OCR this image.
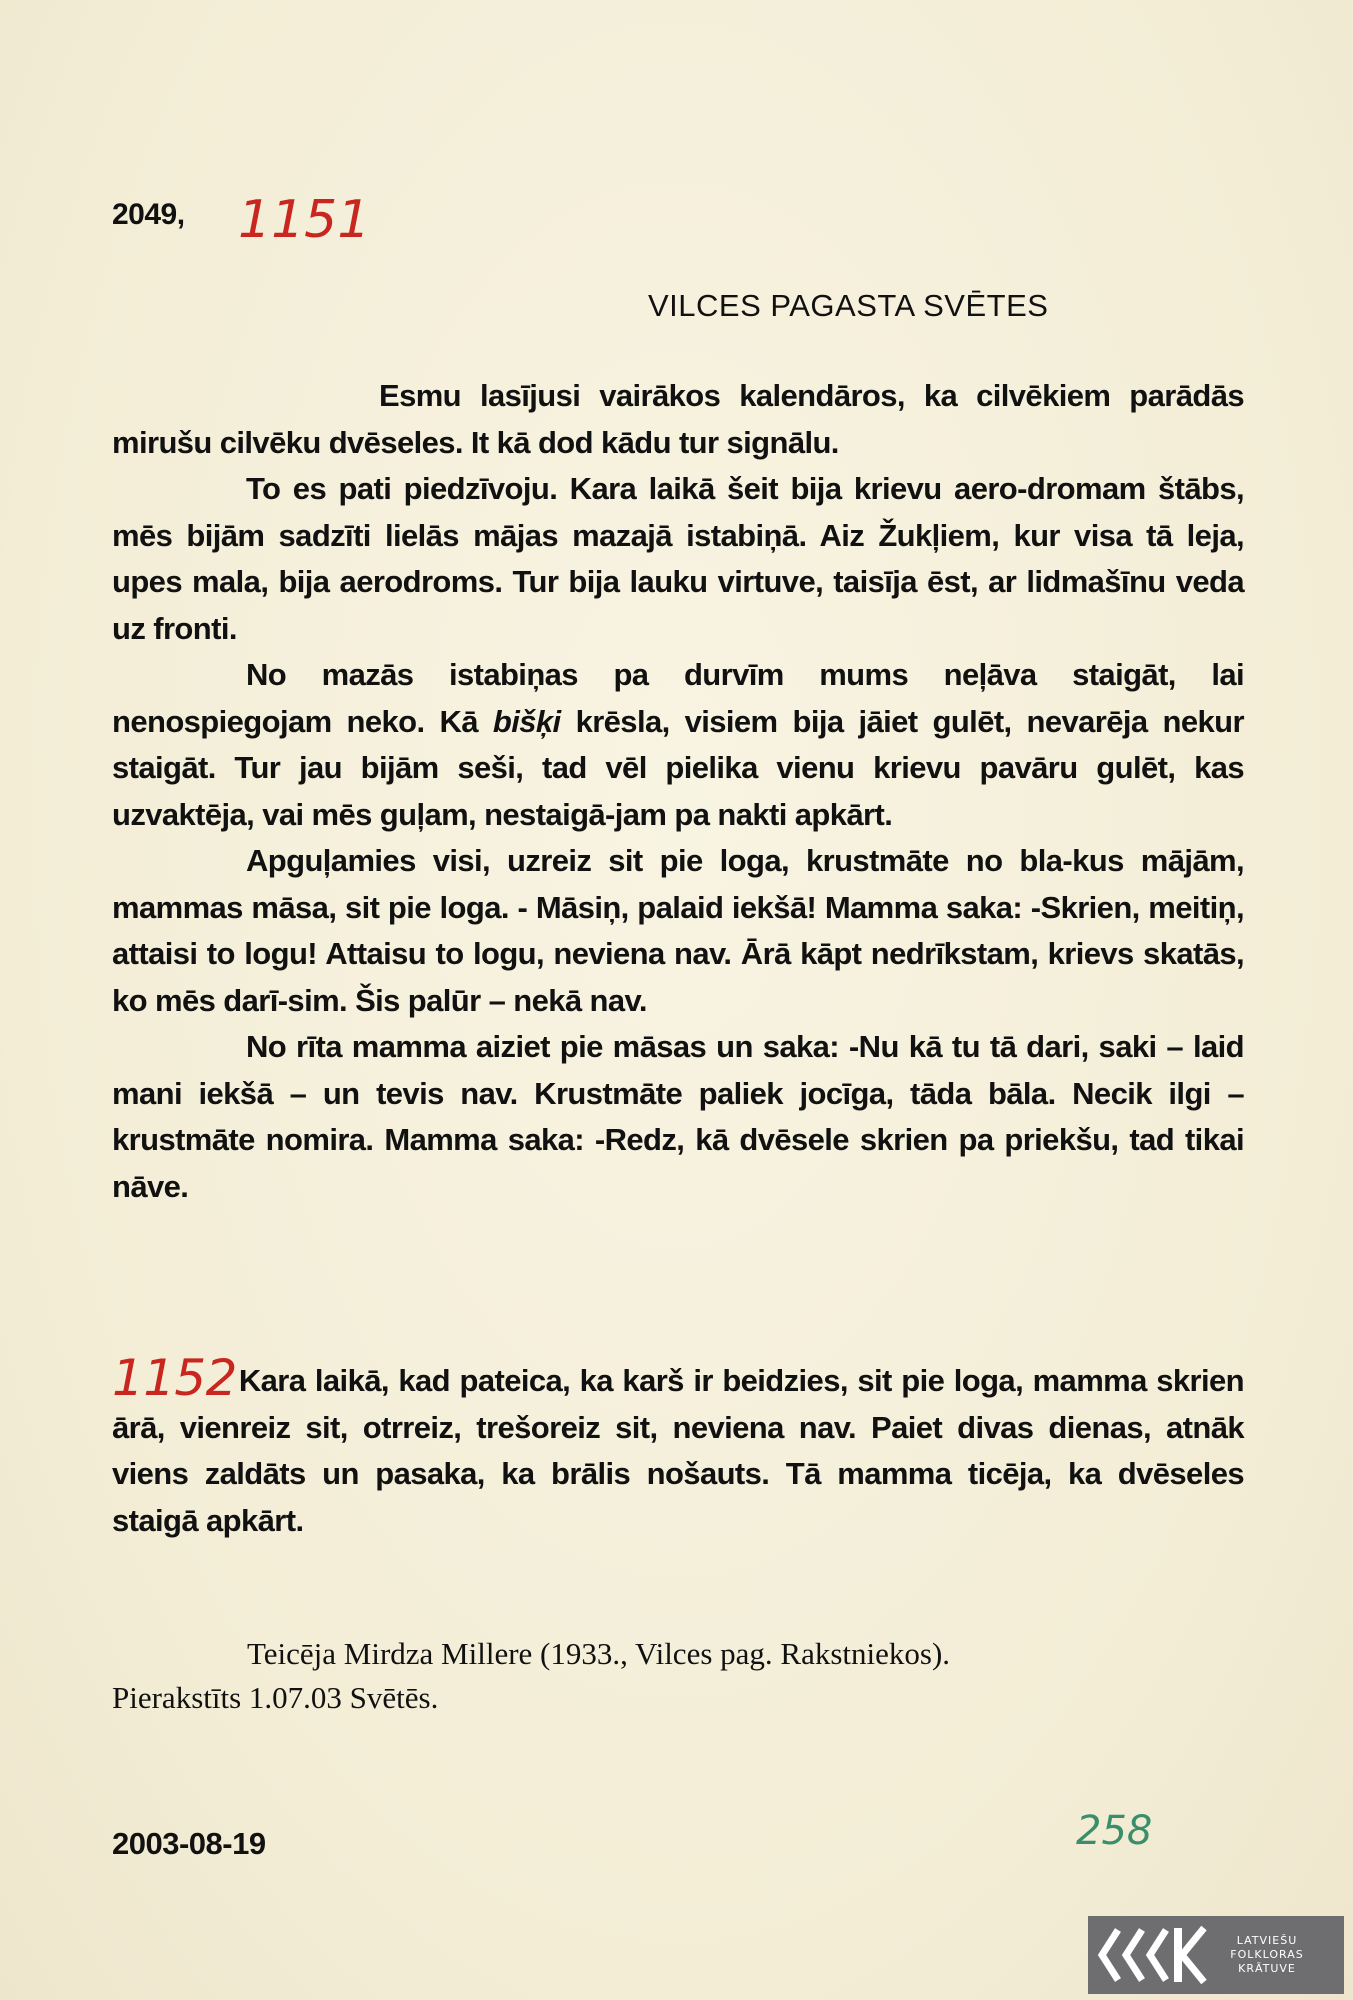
2049, 1151
VILCES PAGASTA SVĒTES

Esmu lasījusi vairākos kalendāros, ka cilvēkiem parādās mirušu cilvēku dvēseles. It kā dod kādu tur signālu.

To es pati piedzīvoju. Kara laikā šeit bija krievu aero-dromam štābs, mēs bijām sadzīti lielās mājas mazajā istabiņā. Aiz Žukļiem, kur visa tā leja, upes mala, bija aerodroms. Tur bija lauku virtuve, taisīja ēst, ar lidmašīnu veda uz fronti.

No mazās istabiņas pa durvīm mums neļāva staigāt, lai nenospiegojam neko. Kā bišķi krēsla, visiem bija jāiet gulēt, nevarēja nekur staigāt. Tur jau bijām seši, tad vēl pielika vienu krievu pavāru gulēt, kas uzvaktēja, vai mēs guļam, nestaigā-jam pa nakti apkārt.

Apguļamies visi, uzreiz sit pie loga, krustmāte no bla-kus mājām, mammas māsa, sit pie loga. - Māsiņ, palaid iekšā! Mamma saka: -Skrien, meitiņ, attaisi to logu! Attaisu to logu, neviena nav. Ārā kāpt nedrīkstam, krievs skatās, ko mēs darī-sim. Šis palūr – nekā nav.

No rīta mamma aiziet pie māsas un saka: -Nu kā tu tā dari, saki – laid mani iekšā – un tevis nav. Krustmāte paliek jocīga, tāda bāla. Necik ilgi – krustmāte nomira. Mamma saka: -Redz, kā dvēsele skrien pa priekšu, tad tikai nāve.

1152Kara laikā, kad pateica, ka karš ir beidzies, sit pie loga, mamma skrien ārā, vienreiz sit, otrreiz, trešoreiz sit, neviena nav. Paiet divas dienas, atnāk viens zaldāts un pasaka, ka brālis nošauts. Tā mamma ticēja, ka dvēseles staigā apkārt.

Teicēja Mirdza Millere (1933., Vilces pag. Rakstniekos).
Pierakstīts 1.07.03 Svētēs.
2003-08-19	258
LATVIEŠU
FOLKLORAS
KRĀTUVE
